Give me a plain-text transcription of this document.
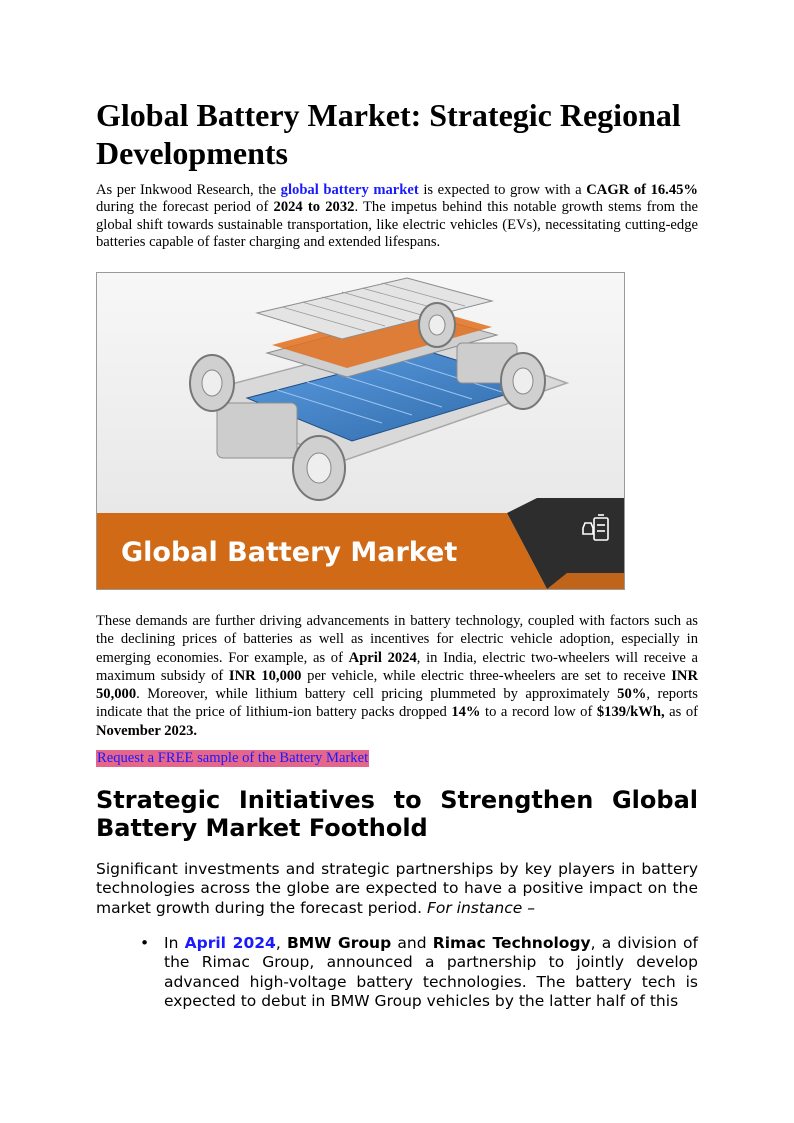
Global Battery Market: Strategic Regional Developments

As per Inkwood Research, the global battery market is expected to grow with a CAGR of 16.45% during the forecast period of 2024 to 2032. The impetus behind this notable growth stems from the global shift towards sustainable transportation, like electric vehicles (EVs), necessitating cutting-edge batteries capable of faster charging and extended lifespans.

Global Battery Market

These demands are further driving advancements in battery technology, coupled with factors such as the declining prices of batteries as well as incentives for electric vehicle adoption, especially in emerging economies. For example, as of April 2024, in India, electric two-wheelers will receive a maximum subsidy of INR 10,000 per vehicle, while electric three-wheelers are set to receive INR 50,000. Moreover, while lithium battery cell pricing plummeted by approximately 50%, reports indicate that the price of lithium-ion battery packs dropped 14% to a record low of $139/kWh, as of November 2023.

Request a FREE sample of the Battery Market
Strategic Initiatives to Strengthen Global Battery Market Foothold

Significant investments and strategic partnerships by key players in battery technologies across the globe are expected to have a positive impact on the market growth during the forecast period. For instance –

• In April 2024, BMW Group and Rimac Technology, a division of the Rimac Group, announced a partnership to jointly develop advanced high-voltage battery technologies. The battery tech is expected to debut in BMW Group vehicles by the latter half of this
